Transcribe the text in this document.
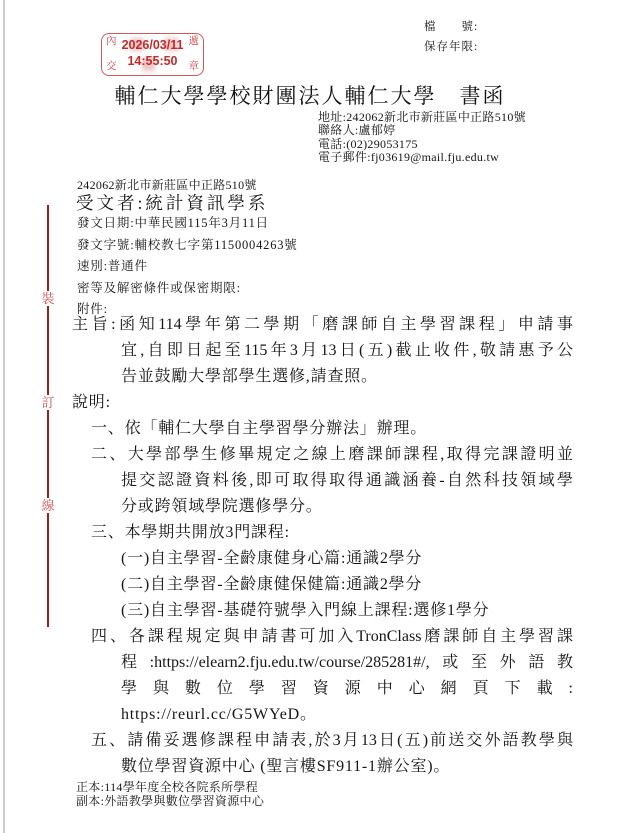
檔　　號:
保存年限:
內
交
遞
章
2026/03/11
14:55:50
輔仁大學學校財團法人輔仁大學　書函
地址:242062新北市新莊區中正路510號
聯絡人:盧郁婷
電話:(02)29053175
電子郵件:fj03619@mail.fju.edu.tw
242062新北市新莊區中正路510號
受文者:統計資訊學系
發文日期:中華民國115年3月11日
發文字號:輔校教七字第1150004263號
速別:普通件
密等及解密條件或保密期限:
附件:
主旨:函知114學年第二學期「磨課師自主學習課程」申請事
宜,自即日起至115年3月13日(五)截止收件,敬請惠予公
告並鼓勵大學部學生選修,請查照。
說明:
一、依「輔仁大學自主學習學分辦法」辦理。
二、大學部學生修畢規定之線上磨課師課程,取得完課證明並
提交認證資料後,即可取得取得通識涵養-自然科技領域學
分或跨領域學院選修學分。
三、本學期共開放3門課程:
(一)自主學習-全齡康健身心篇:通識2學分
(二)自主學習-全齡康健保健篇:通識2學分
(三)自主學習-基礎符號學入門線上課程:選修1學分
四、各課程規定與申請書可加入TronClass磨課師自主學習課
程:https://elearn2.fju.edu.tw/course/285281#/,或至外語教
學與數位學習資源中心網頁下載:
https://reurl.cc/G5WYeD。
五、請備妥選修課程申請表,於3月13日(五)前送交外語教學與
數位學習資源中心 (聖言樓SF911-1辦公室)。
正本:114學年度全校各院系所學程
副本:外語教學與數位學習資源中心
裝
訂
線
